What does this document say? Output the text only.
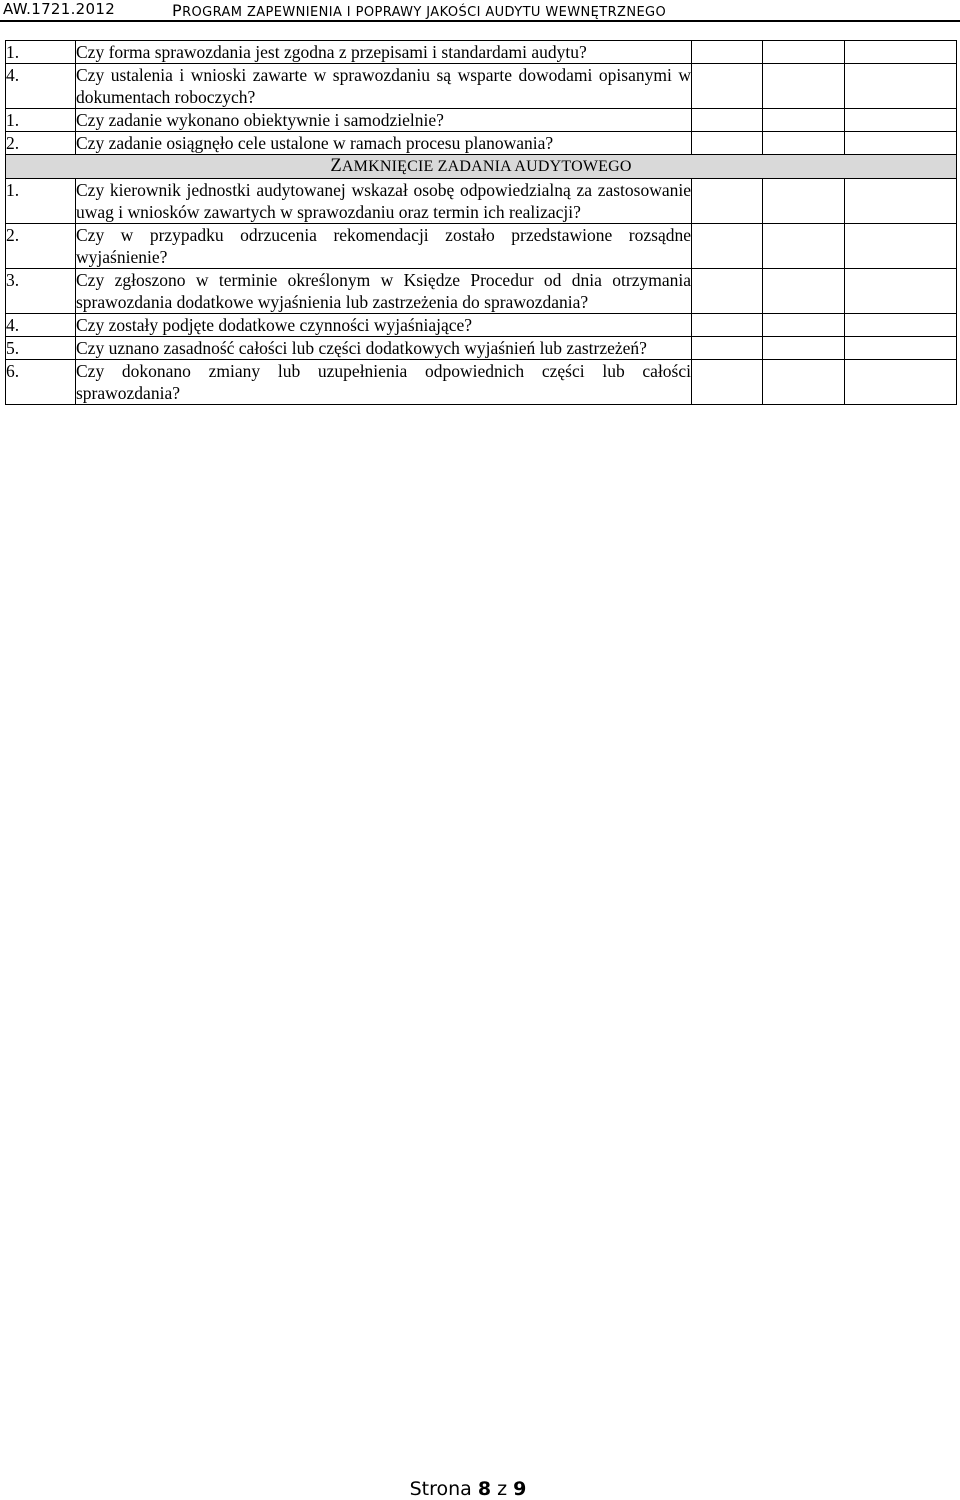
AW.1721.2012	PROGRAM ZAPEWNIENIA I POPRAWY JAKOŚCI AUDYTU WEWNĘTRZNEGO
1.	Czy forma sprawozdania jest zgodna z przepisami i standardami audytu?			
4.	Czy ustalenia i wnioski zawarte w sprawozdaniu są wsparte dowodami opisanymi w dokumentach roboczych?			
1.	Czy zadanie wykonano obiektywnie i samodzielnie?			
2.	Czy zadanie osiągnęło cele ustalone w ramach procesu planowania?			
ZAMKNIĘCIE ZADANIA AUDYTOWEGO				
1.	Czy kierownik jednostki audytowanej wskazał osobę odpowiedzialną za zastosowanie uwag i wniosków zawartych w sprawozdaniu oraz termin ich realizacji?			
2.	Czy w przypadku odrzucenia rekomendacji zostało przedstawione rozsądne wyjaśnienie?			
3.	Czy zgłoszono w terminie określonym w Księdze Procedur od dnia otrzymania sprawozdania dodatkowe wyjaśnienia lub zastrzeżenia do sprawozdania?			
4.	Czy zostały podjęte dodatkowe czynności wyjaśniające?			
5.	Czy uznano zasadność całości lub części dodatkowych wyjaśnień lub zastrzeżeń?			
6.	Czy dokonano zmiany lub uzupełnienia odpowiednich części lub całości sprawozdania?			
Strona 8 z 9
